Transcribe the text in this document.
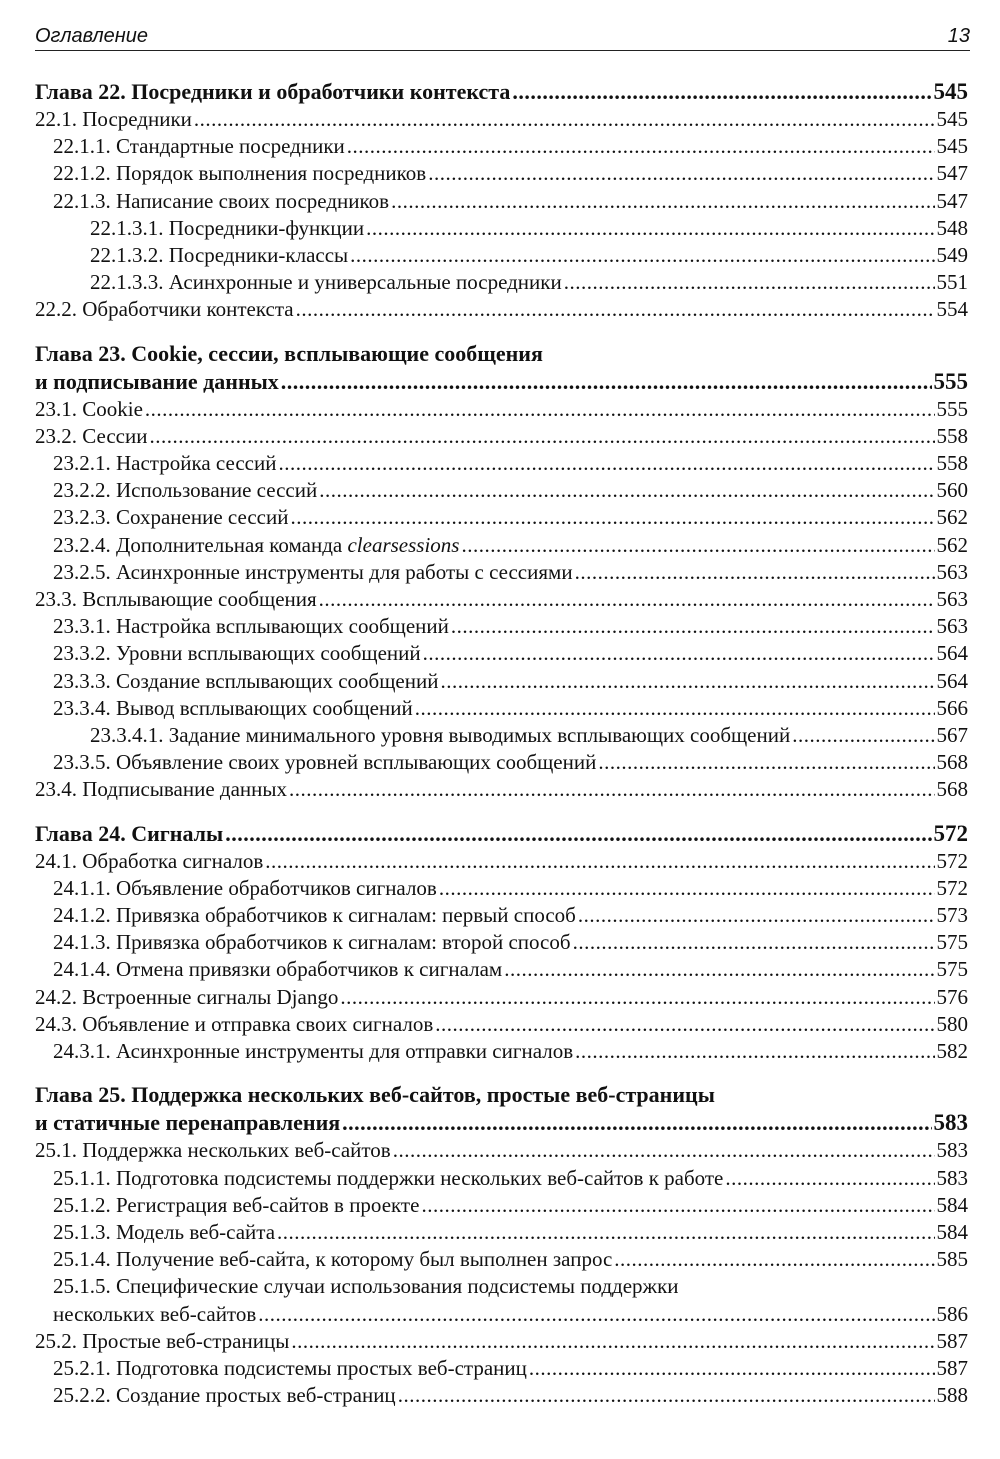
Оглавление	13
Глава 22. Посредники и обработчики контекста .....	545
22.1. Посредники .....	545
22.1.1. Стандартные посредники .....	545
22.1.2. Порядок выполнения посредников .....	547
22.1.3. Написание своих посредников .....	547
22.1.3.1. Посредники-функции .....	548
22.1.3.2. Посредники-классы .....	549
22.1.3.3. Асинхронные и универсальные посредники .....	551
22.2. Обработчики контекста .....	554
Глава 23. Cookie, сессии, всплывающие сообщения
и подписывание данных .....	555
23.1. Cookie .....	555
23.2. Сессии .....	558
23.2.1. Настройка сессий .....	558
23.2.2. Использование сессий .....	560
23.2.3. Сохранение сессий .....	562
23.2.4. Дополнительная команда clearsessions .....	562
23.2.5. Асинхронные инструменты для работы с сессиями .....	563
23.3. Всплывающие сообщения .....	563
23.3.1. Настройка всплывающих сообщений .....	563
23.3.2. Уровни всплывающих сообщений .....	564
23.3.3. Создание всплывающих сообщений .....	564
23.3.4. Вывод всплывающих сообщений .....	566
23.3.4.1. Задание минимального уровня выводимых всплывающих сообщений .....	567
23.3.5. Объявление своих уровней всплывающих сообщений .....	568
23.4. Подписывание данных .....	568
Глава 24. Сигналы .....	572
24.1. Обработка сигналов .....	572
24.1.1. Объявление обработчиков сигналов .....	572
24.1.2. Привязка обработчиков к сигналам: первый способ .....	573
24.1.3. Привязка обработчиков к сигналам: второй способ .....	575
24.1.4. Отмена привязки обработчиков к сигналам .....	575
24.2. Встроенные сигналы Django .....	576
24.3. Объявление и отправка своих сигналов .....	580
24.3.1. Асинхронные инструменты для отправки сигналов .....	582
Глава 25. Поддержка нескольких веб-сайтов, простые веб-страницы
и статичные перенаправления .....	583
25.1. Поддержка нескольких веб-сайтов .....	583
25.1.1. Подготовка подсистемы поддержки нескольких веб-сайтов к работе .....	583
25.1.2. Регистрация веб-сайтов в проекте .....	584
25.1.3. Модель веб-сайта .....	584
25.1.4. Получение веб-сайта, к которому был выполнен запрос .....	585
25.1.5. Специфические случаи использования подсистемы поддержки
нескольких веб-сайтов .....	586
25.2. Простые веб-страницы .....	587
25.2.1. Подготовка подсистемы простых веб-страниц .....	587
25.2.2. Создание простых веб-страниц .....	588
